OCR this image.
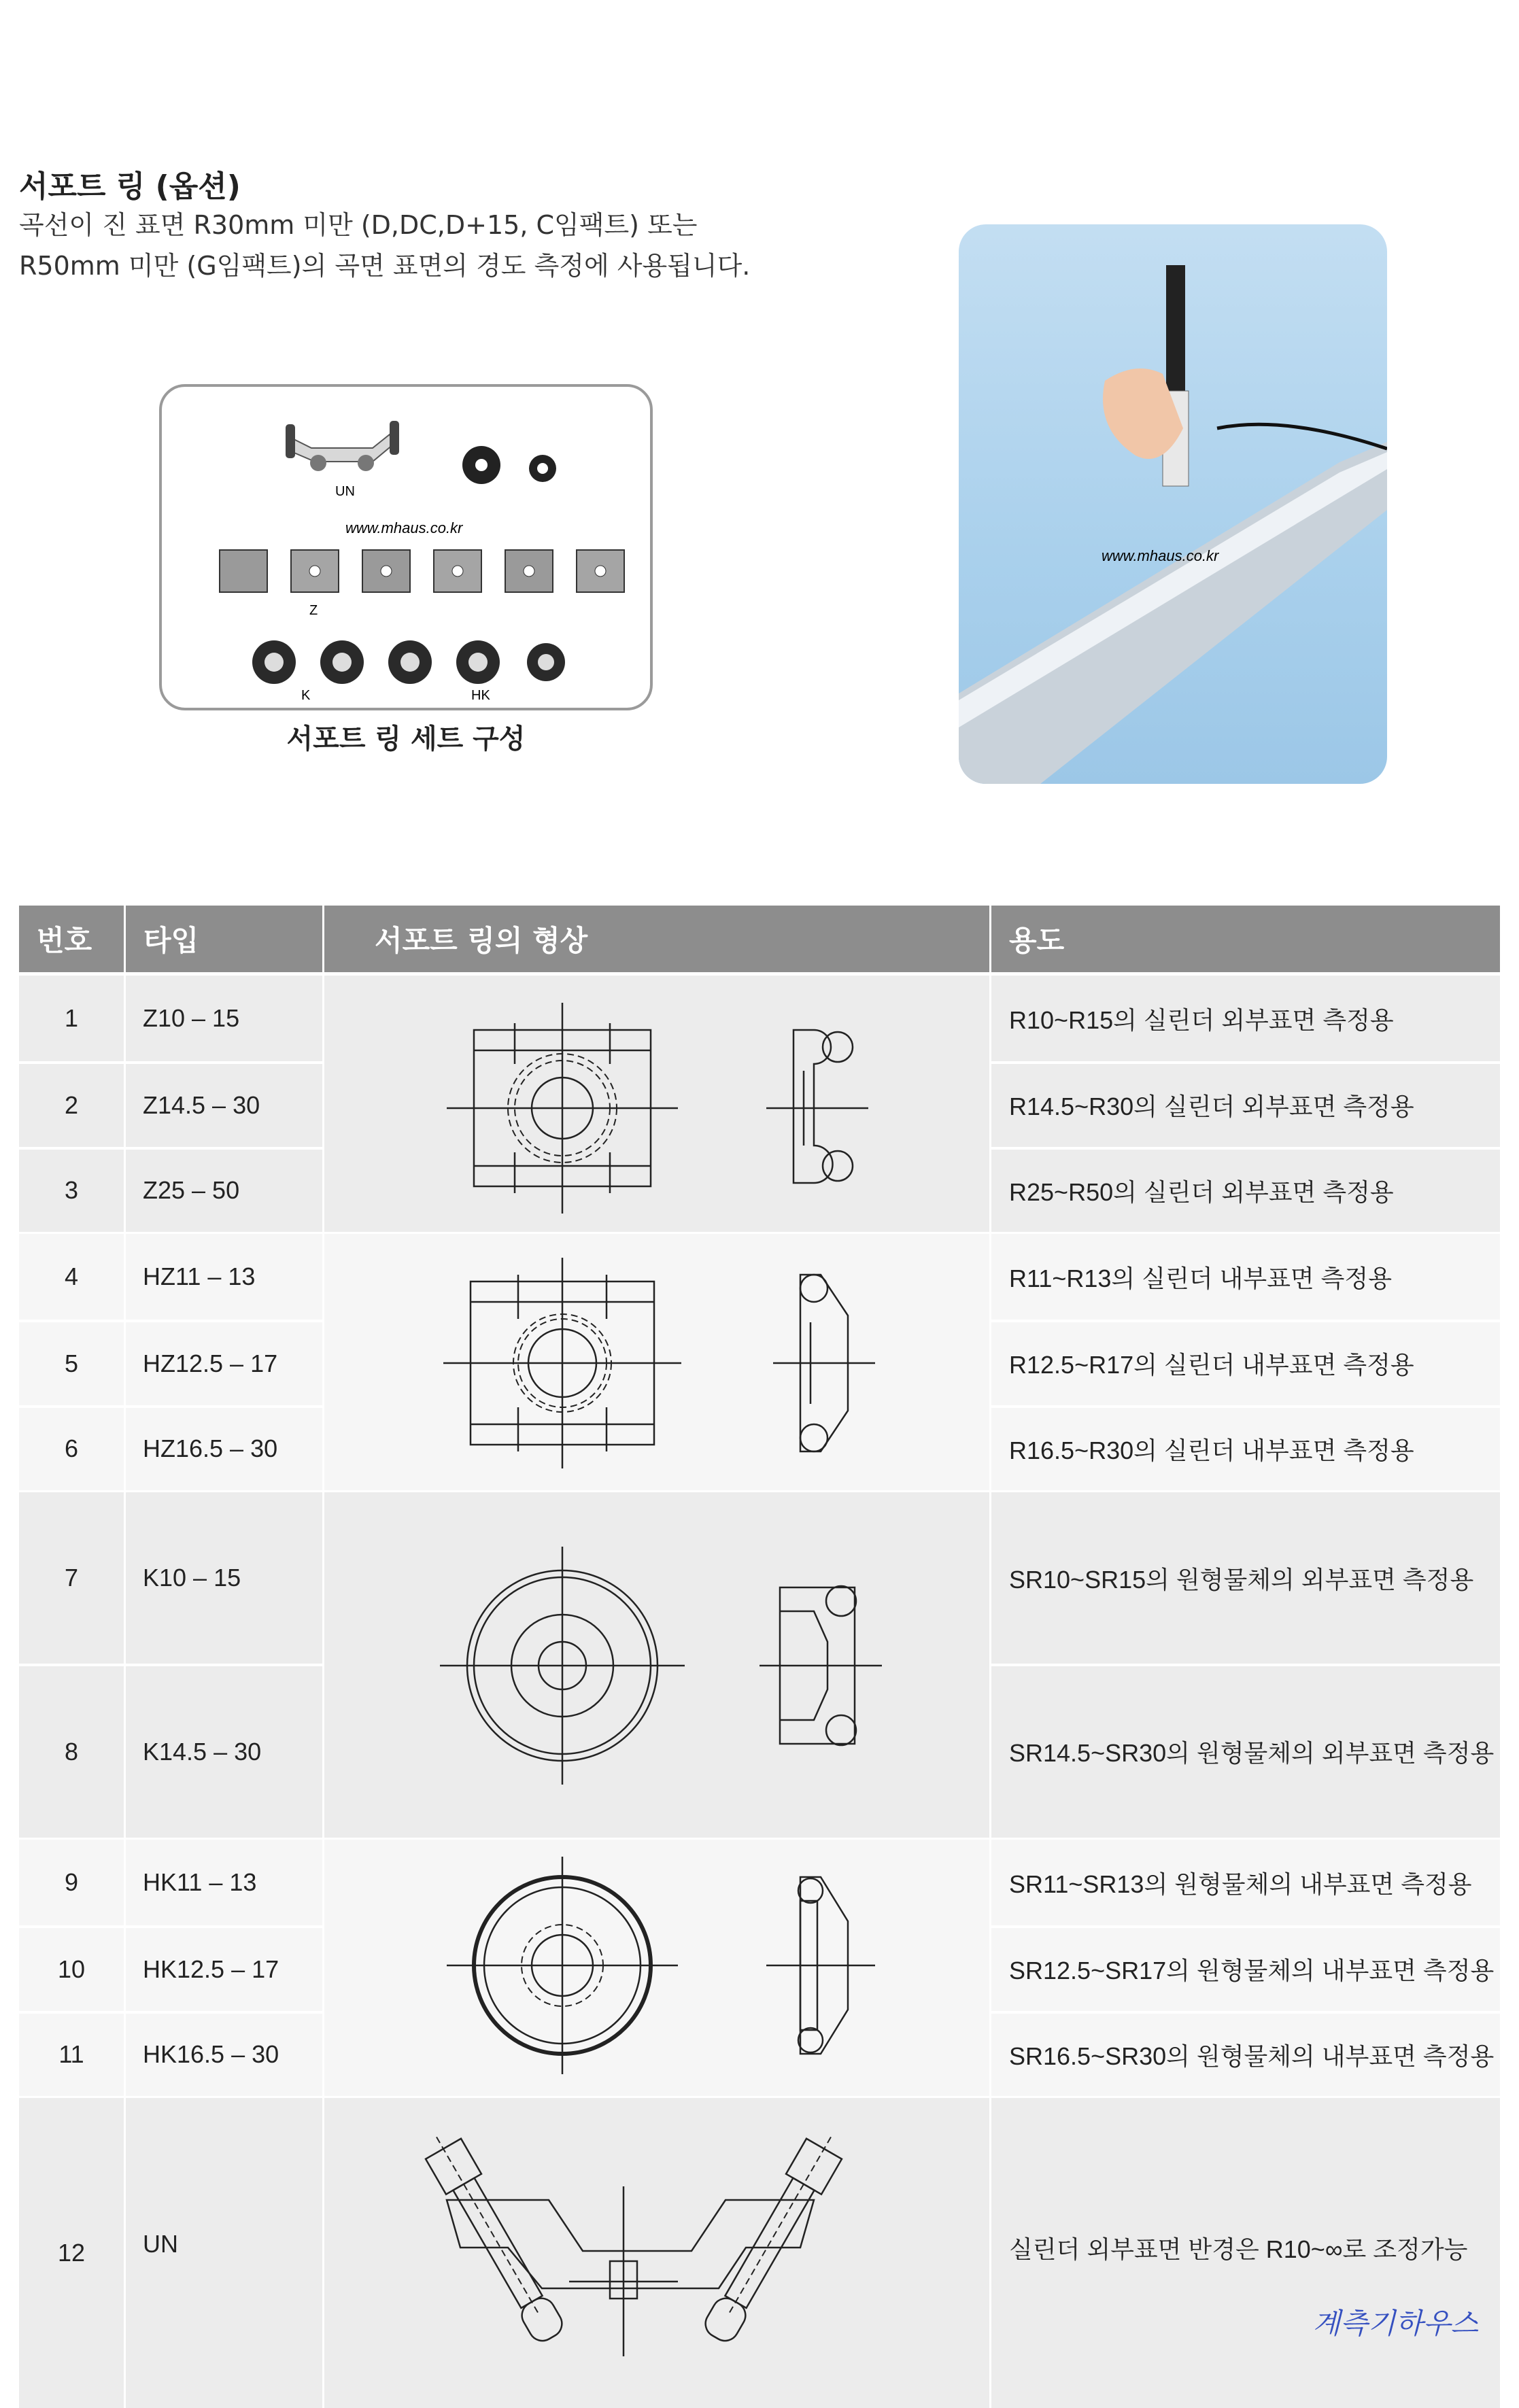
서포트 링 (옵션)
곡선이 진 표면 R30mm 미만 (D,DC,D+15, C임팩트) 또는
R50mm 미만 (G임팩트)의 곡면 표면의 경도 측정에 사용됩니다.
UN
www.mhaus.co.kr
Z
K	HK
서포트 링 세트 구성
www.mhaus.co.kr
번호	타입	서포트 링의 형상	용도
1	Z10 – 15	R10~R15의 실린더 외부표면 측정용
2	Z14.5 – 30	R14.5~R30의 실린더 외부표면 측정용
3	Z25 – 50	R25~R50의 실린더 외부표면 측정용
4	HZ11 – 13	R11~R13의 실린더 내부표면 측정용
5	HZ12.5 – 17	R12.5~R17의 실린더 내부표면 측정용
6	HZ16.5 – 30	R16.5~R30의 실린더 내부표면 측정용
7	K10 – 15	SR10~SR15의 원형물체의 외부표면 측정용
8	K14.5 – 30	SR14.5~SR30의 원형물체의 외부표면 측정용
9	HK11 – 13	SR11~SR13의 원형물체의 내부표면 측정용
10	HK12.5 – 17	SR12.5~SR17의 원형물체의 내부표면 측정용
11	HK16.5 – 30	SR16.5~SR30의 원형물체의 내부표면 측정용
12	UN	실린더 외부표면 반경은 R10~∞로 조정가능
계측기하우스
